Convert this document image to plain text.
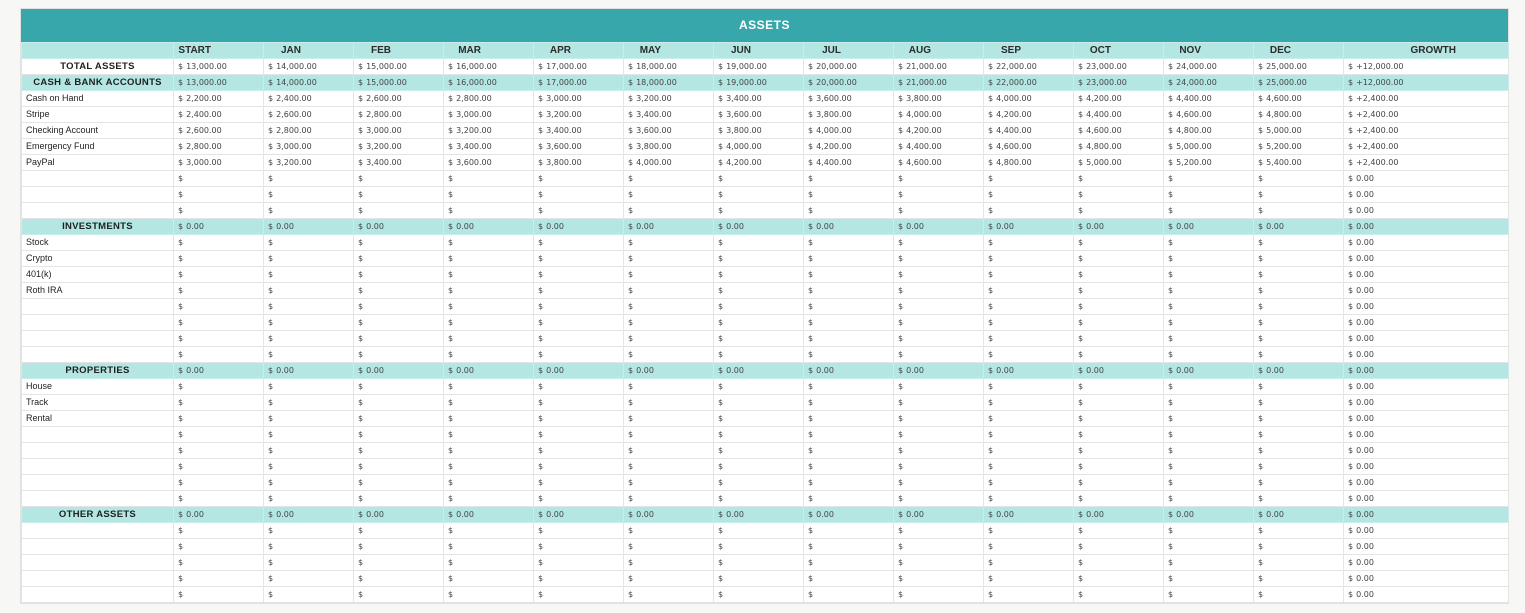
ASSETS
	START	JAN	FEB	MAR	APR	MAY	JUN	JUL	AUG	SEP	OCT	NOV	DEC	GROWTH
TOTAL ASSETS	$ 13,000.00	$ 14,000.00	$ 15,000.00	$ 16,000.00	$ 17,000.00	$ 18,000.00	$ 19,000.00	$ 20,000.00	$ 21,000.00	$ 22,000.00	$ 23,000.00	$ 24,000.00	$ 25,000.00	$ +12,000.00
CASH & BANK ACCOUNTS	$ 13,000.00	$ 14,000.00	$ 15,000.00	$ 16,000.00	$ 17,000.00	$ 18,000.00	$ 19,000.00	$ 20,000.00	$ 21,000.00	$ 22,000.00	$ 23,000.00	$ 24,000.00	$ 25,000.00	$ +12,000.00
Cash on Hand	$ 2,200.00	$ 2,400.00	$ 2,600.00	$ 2,800.00	$ 3,000.00	$ 3,200.00	$ 3,400.00	$ 3,600.00	$ 3,800.00	$ 4,000.00	$ 4,200.00	$ 4,400.00	$ 4,600.00	$ +2,400.00
Stripe	$ 2,400.00	$ 2,600.00	$ 2,800.00	$ 3,000.00	$ 3,200.00	$ 3,400.00	$ 3,600.00	$ 3,800.00	$ 4,000.00	$ 4,200.00	$ 4,400.00	$ 4,600.00	$ 4,800.00	$ +2,400.00
Checking Account	$ 2,600.00	$ 2,800.00	$ 3,000.00	$ 3,200.00	$ 3,400.00	$ 3,600.00	$ 3,800.00	$ 4,000.00	$ 4,200.00	$ 4,400.00	$ 4,600.00	$ 4,800.00	$ 5,000.00	$ +2,400.00
Emergency Fund	$ 2,800.00	$ 3,000.00	$ 3,200.00	$ 3,400.00	$ 3,600.00	$ 3,800.00	$ 4,000.00	$ 4,200.00	$ 4,400.00	$ 4,600.00	$ 4,800.00	$ 5,000.00	$ 5,200.00	$ +2,400.00
PayPal	$ 3,000.00	$ 3,200.00	$ 3,400.00	$ 3,600.00	$ 3,800.00	$ 4,000.00	$ 4,200.00	$ 4,400.00	$ 4,600.00	$ 4,800.00	$ 5,000.00	$ 5,200.00	$ 5,400.00	$ +2,400.00
	$	$	$	$	$	$	$	$	$	$	$	$	$	$ 0.00
	$	$	$	$	$	$	$	$	$	$	$	$	$	$ 0.00
	$	$	$	$	$	$	$	$	$	$	$	$	$	$ 0.00
INVESTMENTS	$ 0.00	$ 0.00	$ 0.00	$ 0.00	$ 0.00	$ 0.00	$ 0.00	$ 0.00	$ 0.00	$ 0.00	$ 0.00	$ 0.00	$ 0.00	$ 0.00
Stock	$	$	$	$	$	$	$	$	$	$	$	$	$	$ 0.00
Crypto	$	$	$	$	$	$	$	$	$	$	$	$	$	$ 0.00
401(k)	$	$	$	$	$	$	$	$	$	$	$	$	$	$ 0.00
Roth IRA	$	$	$	$	$	$	$	$	$	$	$	$	$	$ 0.00
	$	$	$	$	$	$	$	$	$	$	$	$	$	$ 0.00
	$	$	$	$	$	$	$	$	$	$	$	$	$	$ 0.00
	$	$	$	$	$	$	$	$	$	$	$	$	$	$ 0.00
	$	$	$	$	$	$	$	$	$	$	$	$	$	$ 0.00
PROPERTIES	$ 0.00	$ 0.00	$ 0.00	$ 0.00	$ 0.00	$ 0.00	$ 0.00	$ 0.00	$ 0.00	$ 0.00	$ 0.00	$ 0.00	$ 0.00	$ 0.00
House	$	$	$	$	$	$	$	$	$	$	$	$	$	$ 0.00
Track	$	$	$	$	$	$	$	$	$	$	$	$	$	$ 0.00
Rental	$	$	$	$	$	$	$	$	$	$	$	$	$	$ 0.00
	$	$	$	$	$	$	$	$	$	$	$	$	$	$ 0.00
	$	$	$	$	$	$	$	$	$	$	$	$	$	$ 0.00
	$	$	$	$	$	$	$	$	$	$	$	$	$	$ 0.00
	$	$	$	$	$	$	$	$	$	$	$	$	$	$ 0.00
	$	$	$	$	$	$	$	$	$	$	$	$	$	$ 0.00
OTHER ASSETS	$ 0.00	$ 0.00	$ 0.00	$ 0.00	$ 0.00	$ 0.00	$ 0.00	$ 0.00	$ 0.00	$ 0.00	$ 0.00	$ 0.00	$ 0.00	$ 0.00
	$	$	$	$	$	$	$	$	$	$	$	$	$	$ 0.00
	$	$	$	$	$	$	$	$	$	$	$	$	$	$ 0.00
	$	$	$	$	$	$	$	$	$	$	$	$	$	$ 0.00
	$	$	$	$	$	$	$	$	$	$	$	$	$	$ 0.00
	$	$	$	$	$	$	$	$	$	$	$	$	$	$ 0.00
